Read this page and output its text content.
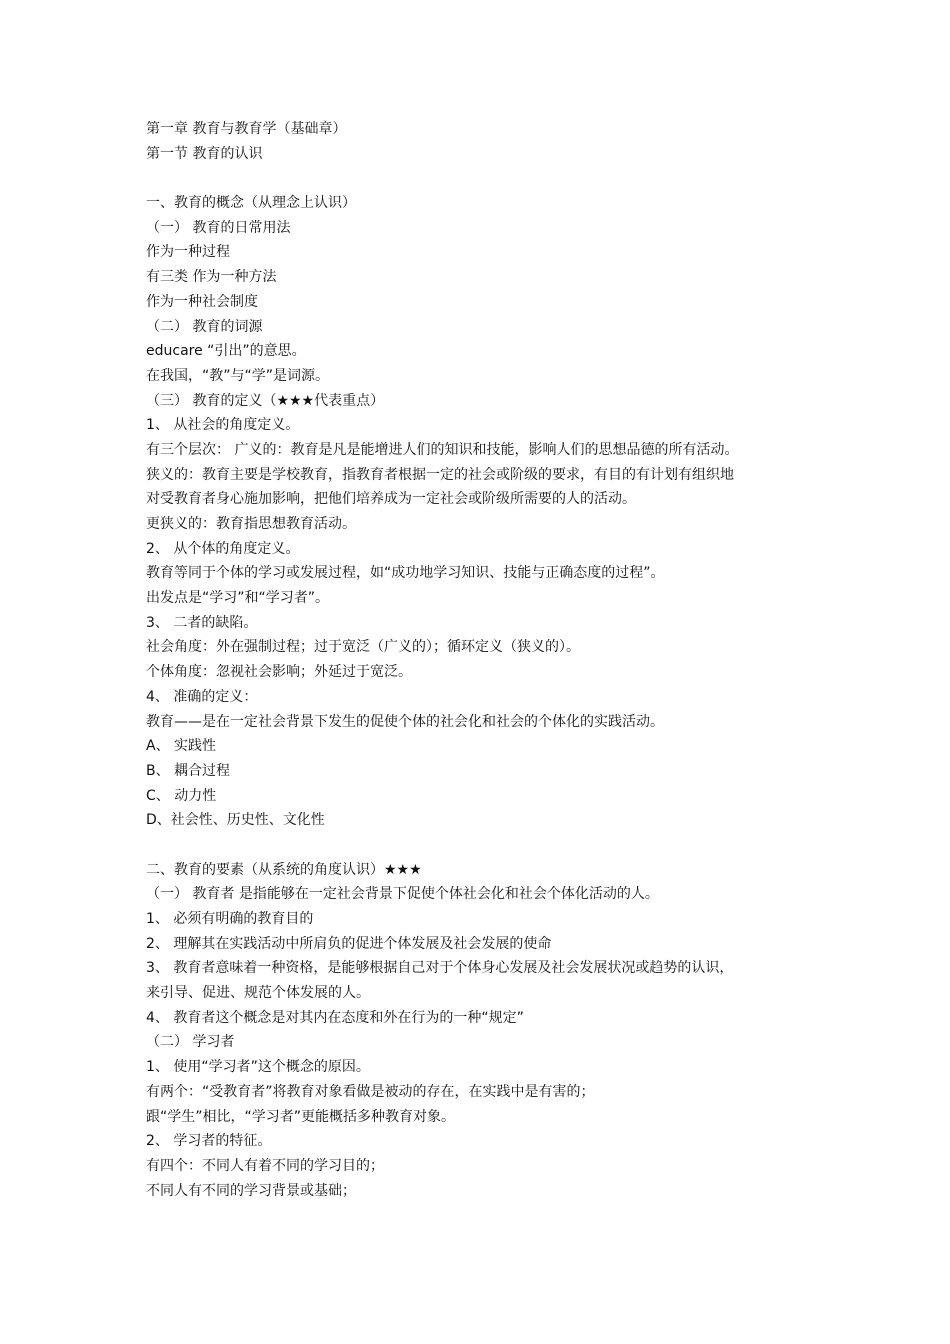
第一章 教育与教育学（基础章）
第一节 教育的认识
一、教育的概念（从理念上认识）
（一） 教育的日常用法
作为一种过程
有三类 作为一种方法
作为一种社会制度
（二） 教育的词源
educare “引出”的意思。
在我国，“教”与“学”是词源。
（三） 教育的定义（★★★代表重点）
1、 从社会的角度定义。
有三个层次： 广义的：教育是凡是能增进人们的知识和技能，影响人们的思想品德的所有活动。
狭义的：教育主要是学校教育，指教育者根据一定的社会或阶级的要求，有目的有计划有组织地
对受教育者身心施加影响，把他们培养成为一定社会或阶级所需要的人的活动。
更狭义的：教育指思想教育活动。
2、 从个体的角度定义。
教育等同于个体的学习或发展过程，如“成功地学习知识、技能与正确态度的过程”。
出发点是“学习”和“学习者”。
3、 二者的缺陷。
社会角度：外在强制过程；过于宽泛（广义的）；循环定义（狭义的）。
个体角度：忽视社会影响；外延过于宽泛。
4、 准确的定义：
教育——是在一定社会背景下发生的促使个体的社会化和社会的个体化的实践活动。
A、 实践性
B、 耦合过程
C、 动力性
D、社会性、历史性、文化性
二、教育的要素（从系统的角度认识）★★★
（一） 教育者 是指能够在一定社会背景下促使个体社会化和社会个体化活动的人。
1、 必须有明确的教育目的
2、 理解其在实践活动中所肩负的促进个体发展及社会发展的使命
3、 教育者意味着一种资格，是能够根据自己对于个体身心发展及社会发展状况或趋势的认识，
来引导、促进、规范个体发展的人。
4、 教育者这个概念是对其内在态度和外在行为的一种“规定”
（二） 学习者
1、 使用“学习者”这个概念的原因。
有两个：“受教育者”将教育对象看做是被动的存在，在实践中是有害的；
跟“学生”相比，“学习者”更能概括多种教育对象。
2、 学习者的特征。
有四个：不同人有着不同的学习目的；
不同人有不同的学习背景或基础；
